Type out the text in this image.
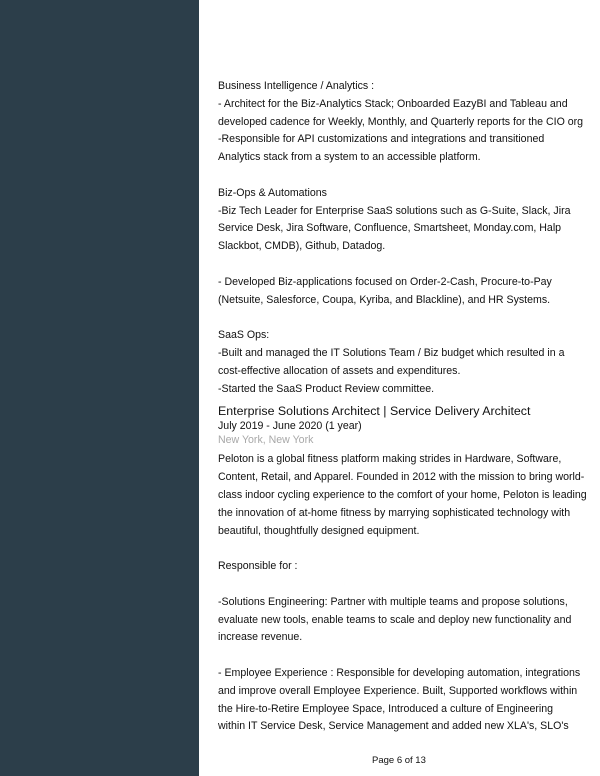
Business Intelligence / Analytics :
- Architect for the Biz-Analytics Stack; Onboarded EazyBI and Tableau and
developed cadence for Weekly, Monthly, and Quarterly reports for the CIO org
-Responsible for API customizations and integrations and transitioned
Analytics stack from a system to an accessible platform.
Biz-Ops & Automations
-Biz Tech Leader for Enterprise SaaS solutions such as G-Suite, Slack, Jira
Service Desk, Jira Software, Confluence, Smartsheet, Monday.com, Halp
Slackbot, CMDB), Github, Datadog.
- Developed Biz-applications focused on Order-2-Cash, Procure-to-Pay
(Netsuite, Salesforce, Coupa, Kyriba, and Blackline), and HR Systems.
SaaS Ops:
-Built and managed the IT Solutions Team / Biz budget which resulted in a
cost-effective allocation of assets and expenditures.
-Started the SaaS Product Review committee.
Enterprise Solutions Architect | Service Delivery Architect
July 2019 - June 2020 (1 year)
New York, New York
Peloton is a global fitness platform making strides in Hardware, Software,
Content, Retail, and Apparel. Founded in 2012 with the mission to bring world-
class indoor cycling experience to the comfort of your home, Peloton is leading
the innovation of at-home fitness by marrying sophisticated technology with
beautiful, thoughtfully designed equipment.
Responsible for :
-Solutions Engineering: Partner with multiple teams and propose solutions,
evaluate new tools, enable teams to scale and deploy new functionality and
increase revenue.
- Employee Experience : Responsible for developing automation, integrations
and improve overall Employee Experience. Built, Supported workflows within
the Hire-to-Retire Employee Space, Introduced a culture of Engineering
within IT Service Desk, Service Management and added new XLA's, SLO's
Page 6 of 13
